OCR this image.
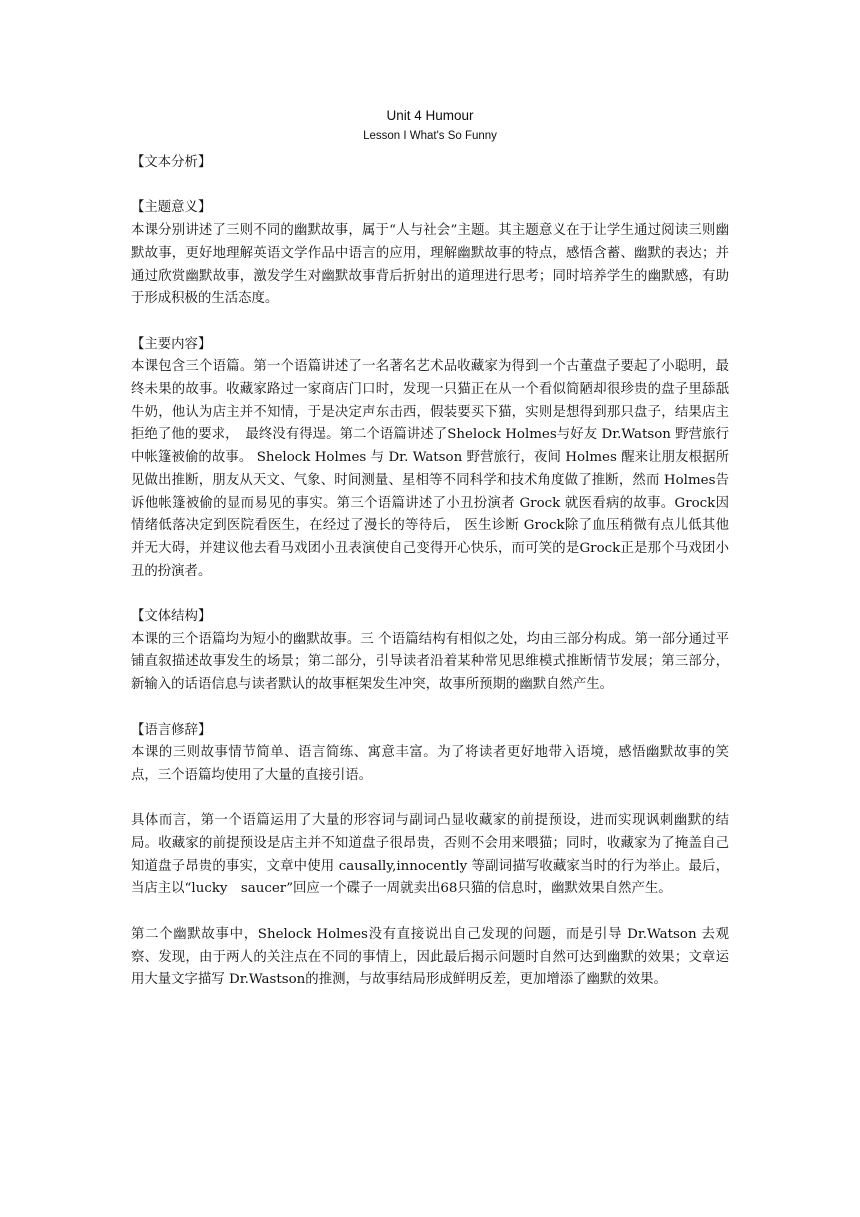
Unit 4 Humour
Lesson I What's So Funny
【文本分析】
【主题意义】

本课分别讲述了三则不同的幽默故事，属于“人与社会”主题。其主题意义在于让学生通过阅读三则幽默故事，更好地理解英语文学作品中语言的应用，理解幽默故事的特点，感悟含蓄、幽默的表达；并通过欣赏幽默故事，激发学生对幽默故事背后折射出的道理进行思考；同时培养学生的幽默感，有助于形成积极的生活态度。

【主要内容】

本课包含三个语篇。第一个语篇讲述了一名著名艺术品收藏家为得到一个古董盘子要起了小聪明，最终未果的故事。收藏家路过一家商店门口时，发现一只猫正在从一个看似简陋却很珍贵的盘子里舔舐牛奶，他认为店主并不知情，于是决定声东击西，假装要买下猫，实则是想得到那只盘子，结果店主拒绝了他的要求，　最终没有得逞。第二个语篇讲述了Shelock Holmes与好友 Dr.Watson 野营旅行中帐篷被偷的故事。 Shelock Holmes 与 Dr. Watson 野营旅行，夜间 Holmes 醒来让朋友根据所见做出推断，朋友从天文、气象、时间测量、星相等不同科学和技术角度做了推断，然而 Holmes告诉他帐篷被偷的显而易见的事实。第三个语篇讲述了小丑扮演者 Grock 就医看病的故事。Grock因情绪低落决定到医院看医生，在经过了漫长的等待后， 医生诊断 Grock除了血压稍微有点儿低其他并无大碍，并建议他去看马戏团小丑表演使自己变得开心快乐，而可笑的是Grock正是那个马戏团小丑的扮演者。

【文体结构】

本课的三个语篇均为短小的幽默故事。三 个语篇结构有相似之处，均由三部分构成。第一部分通过平铺直叙描述故事发生的场景；第二部分，引导读者沿着某种常见思维模式推断情节发展；第三部分，新输入的话语信息与读者默认的故事框架发生冲突，故事所预期的幽默自然产生。

【语言修辞】

本课的三则故事情节简单、语言简练、寓意丰富。为了将读者更好地带入语境，感悟幽默故事的笑点，三个语篇均使用了大量的直接引语。

具体而言，第一个语篇运用了大量的形容词与副词凸显收藏家的前提预设，进而实现讽刺幽默的结局。收藏家的前提预设是店主并不知道盘子很昂贵，否则不会用来喂猫；同时，收藏家为了掩盖自己知道盘子昂贵的事实，文章中使用 causally,innocently 等副词描写收藏家当时的行为举止。最后，当店主以“lucky　saucer”回应一个碟子一周就卖出68只猫的信息时，幽默效果自然产生。

第二个幽默故事中，Shelock Holmes没有直接说出自己发现的问题，而是引导 Dr.Watson 去观察、发现，由于两人的关注点在不同的事情上，因此最后揭示问题时自然可达到幽默的效果；文章运用大量文字描写 Dr.Wastson的推测，与故事结局形成鲜明反差，更加增添了幽默的效果。
